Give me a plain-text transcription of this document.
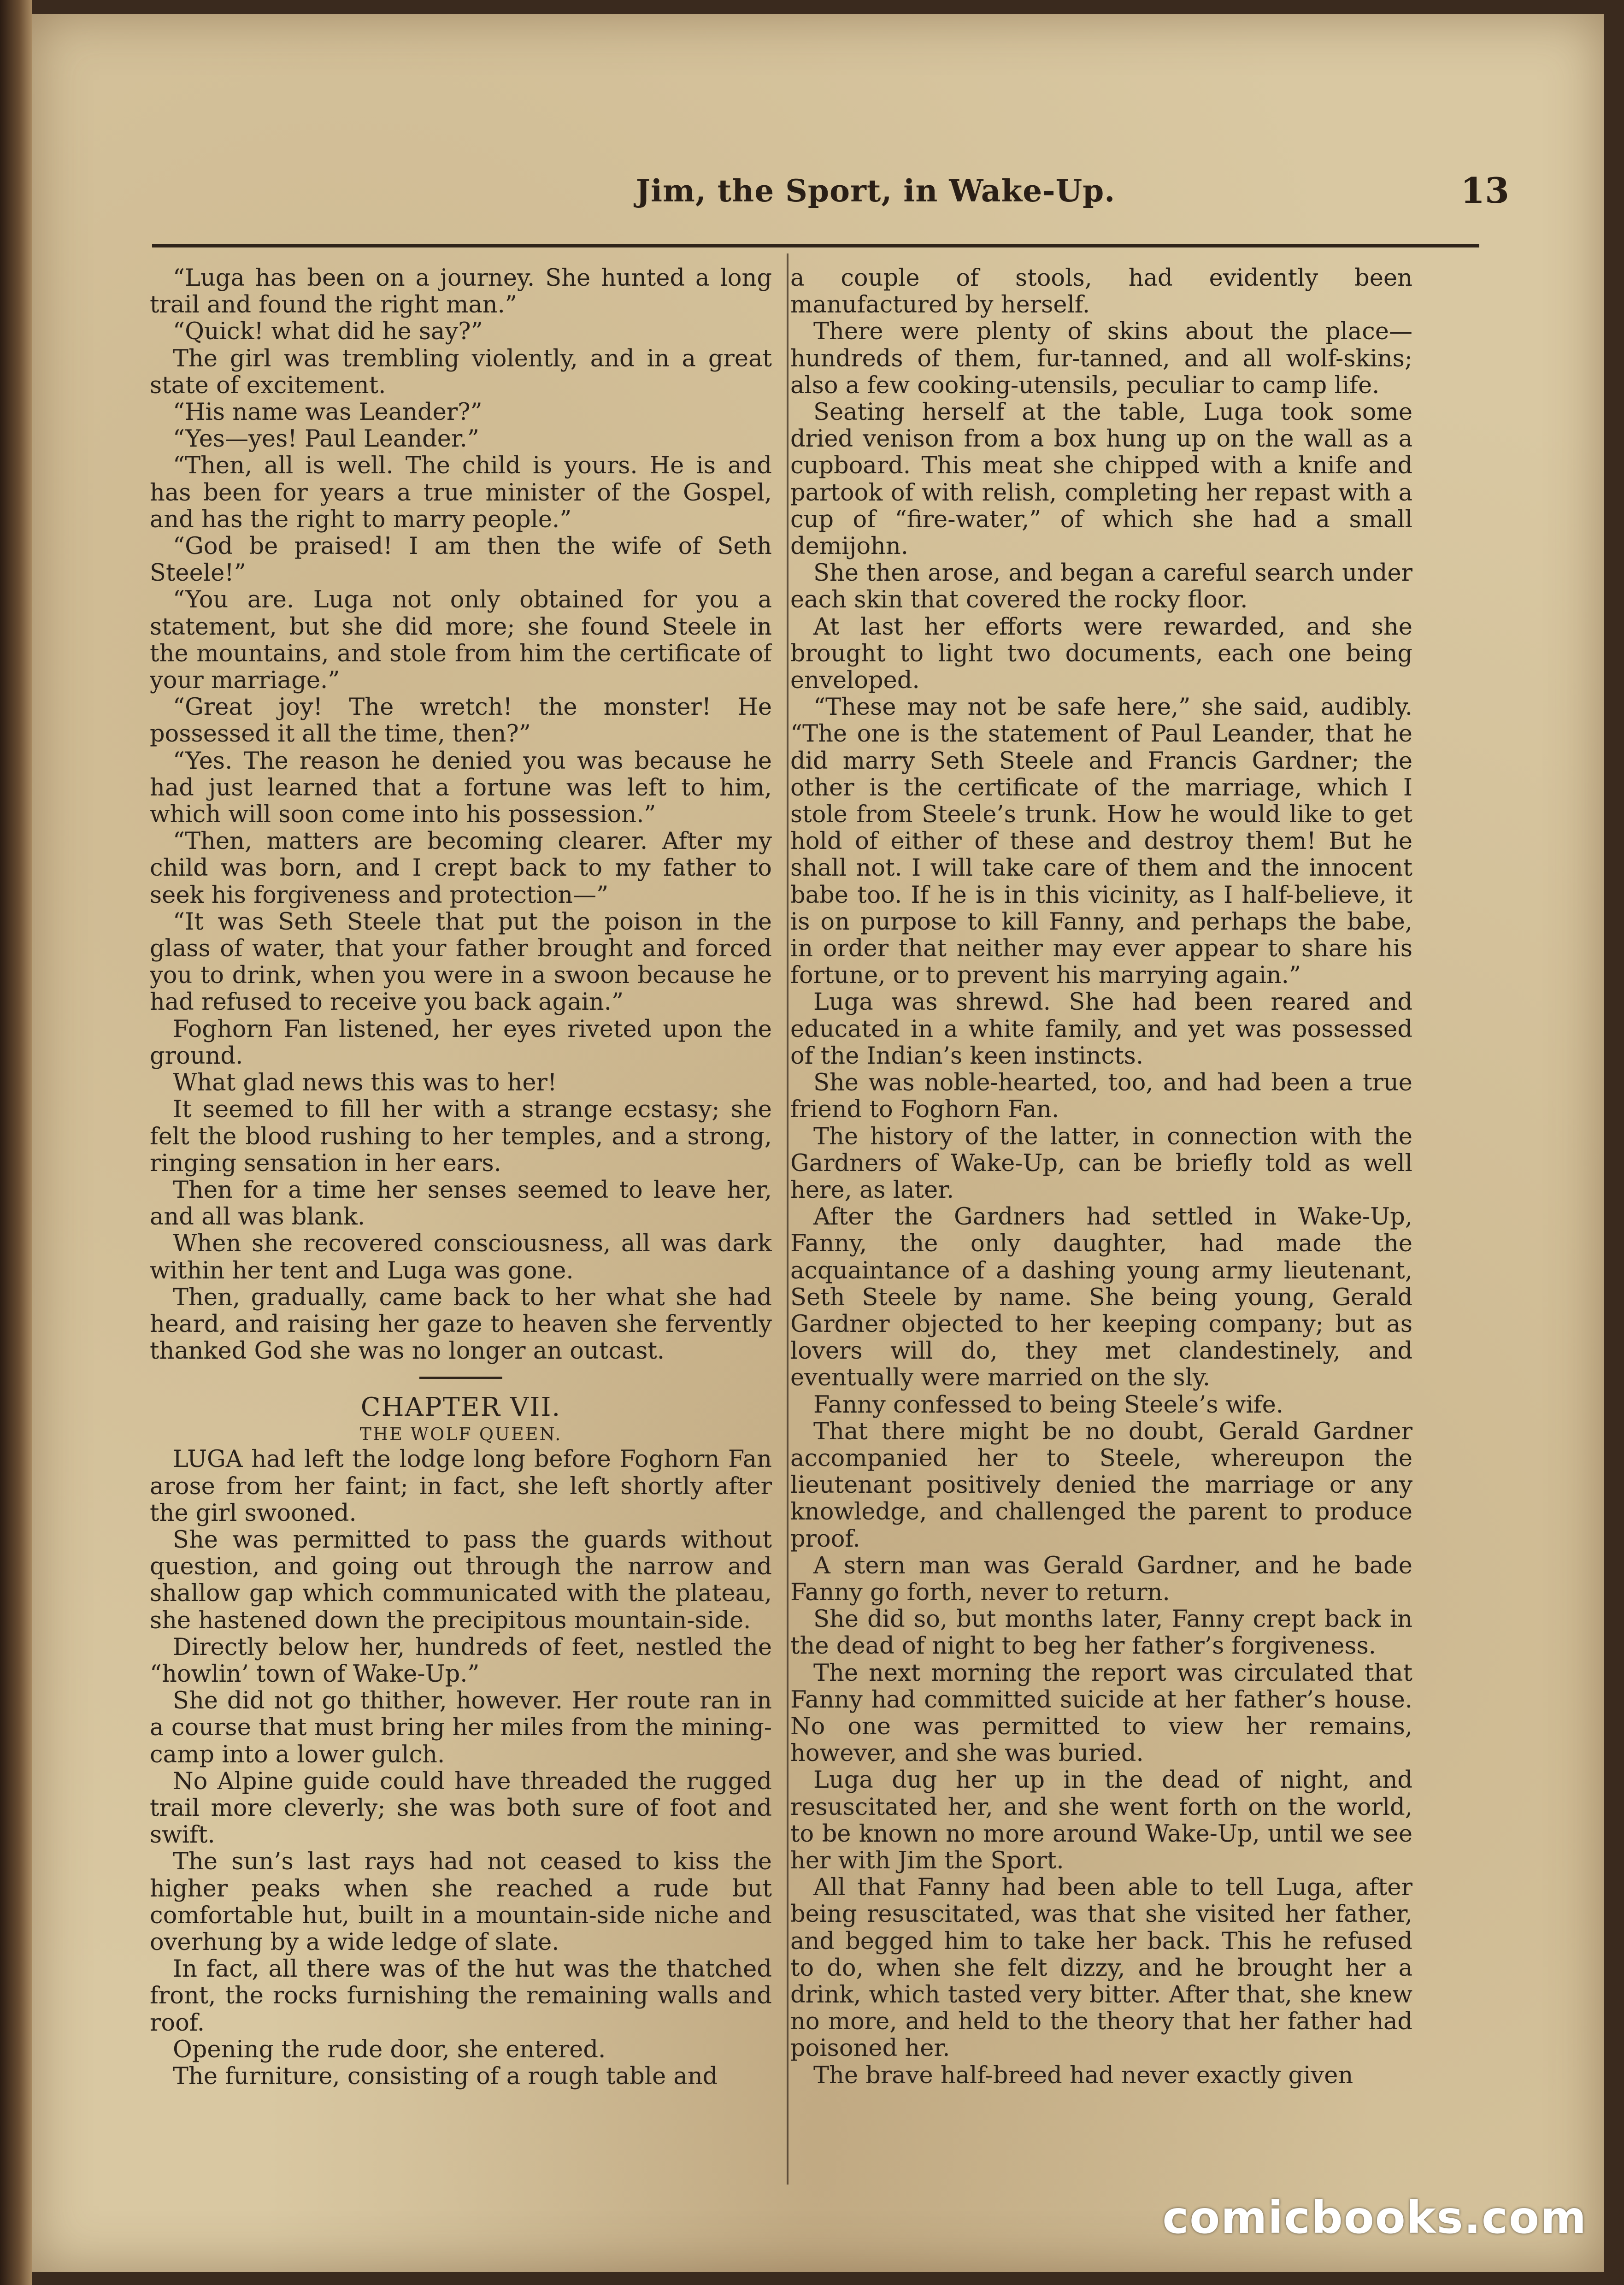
Jim, the Sport, in Wake-Up.	13

“Luga has been on a journey. She hunted a long trail and found the right man.”

“Quick! what did he say?”

The girl was trembling violently, and in a great state of excitement.

“His name was Leander?”

“Yes—yes! Paul Leander.”

“Then, all is well. The child is yours. He is and has been for years a true minister of the Gospel, and has the right to marry people.”

“God be praised! I am then the wife of Seth Steele!”

“You are. Luga not only obtained for you a statement, but she did more; she found Steele in the mountains, and stole from him the certificate of your marriage.”

“Great joy! The wretch! the monster! He possessed it all the time, then?”

“Yes. The reason he denied you was because he had just learned that a fortune was left to him, which will soon come into his possession.”

“Then, matters are becoming clearer. After my child was born, and I crept back to my father to seek his forgiveness and protection—”

“It was Seth Steele that put the poison in the glass of water, that your father brought and forced you to drink, when you were in a swoon because he had refused to receive you back again.”

Foghorn Fan listened, her eyes riveted upon the ground.

What glad news this was to her!

It seemed to fill her with a strange ecstasy; she felt the blood rushing to her temples, and a strong, ringing sensation in her ears.

Then for a time her senses seemed to leave her, and all was blank.

When she recovered consciousness, all was dark within her tent and Luga was gone.

Then, gradually, came back to her what she had heard, and raising her gaze to heaven she fervently thanked God she was no longer an outcast.

CHAPTER VII.
THE WOLF QUEEN.

LUGA had left the lodge long before Foghorn Fan arose from her faint; in fact, she left shortly after the girl swooned.

She was permitted to pass the guards without question, and going out through the narrow and shallow gap which communicated with the plateau, she hastened down the precipitous mountain-side.

Directly below her, hundreds of feet, nestled the “howlin’ town of Wake-Up.”

She did not go thither, however. Her route ran in a course that must bring her miles from the mining-camp into a lower gulch.

No Alpine guide could have threaded the rugged trail more cleverly; she was both sure of foot and swift.

The sun’s last rays had not ceased to kiss the higher peaks when she reached a rude but comfortable hut, built in a mountain-side niche and overhung by a wide ledge of slate.

In fact, all there was of the hut was the thatched front, the rocks furnishing the remaining walls and roof.

Opening the rude door, she entered.

The furniture, consisting of a rough table and

a couple of stools, had evidently been manufactured by herself.

There were plenty of skins about the place—hundreds of them, fur-tanned, and all wolf-skins; also a few cooking-utensils, peculiar to camp life.

Seating herself at the table, Luga took some dried venison from a box hung up on the wall as a cupboard. This meat she chipped with a knife and partook of with relish, completing her repast with a cup of “fire-water,” of which she had a small demijohn.

She then arose, and began a careful search under each skin that covered the rocky floor.

At last her efforts were rewarded, and she brought to light two documents, each one being enveloped.

“These may not be safe here,” she said, audibly. “The one is the statement of Paul Leander, that he did marry Seth Steele and Francis Gardner; the other is the certificate of the marriage, which I stole from Steele’s trunk. How he would like to get hold of either of these and destroy them! But he shall not. I will take care of them and the innocent babe too. If he is in this vicinity, as I half-believe, it is on purpose to kill Fanny, and perhaps the babe, in order that neither may ever appear to share his fortune, or to prevent his marrying again.”

Luga was shrewd. She had been reared and educated in a white family, and yet was possessed of the Indian’s keen instincts.

She was noble-hearted, too, and had been a true friend to Foghorn Fan.

The history of the latter, in connection with the Gardners of Wake-Up, can be briefly told as well here, as later.

After the Gardners had settled in Wake-Up, Fanny, the only daughter, had made the acquaintance of a dashing young army lieutenant, Seth Steele by name. She being young, Gerald Gardner objected to her keeping company; but as lovers will do, they met clandestinely, and eventually were married on the sly.

Fanny confessed to being Steele’s wife.

That there might be no doubt, Gerald Gardner accompanied her to Steele, whereupon the lieutenant positively denied the marriage or any knowledge, and challenged the parent to produce proof.

A stern man was Gerald Gardner, and he bade Fanny go forth, never to return.

She did so, but months later, Fanny crept back in the dead of night to beg her father’s forgiveness.

The next morning the report was circulated that Fanny had committed suicide at her father’s house. No one was permitted to view her remains, however, and she was buried.

Luga dug her up in the dead of night, and resuscitated her, and she went forth on the world, to be known no more around Wake-Up, until we see her with Jim the Sport.

All that Fanny had been able to tell Luga, after being resuscitated, was that she visited her father, and begged him to take her back. This he refused to do, when she felt dizzy, and he brought her a drink, which tasted very bitter. After that, she knew no more, and held to the theory that her father had poisoned her.

The brave half-breed had never exactly given

comicbooks.com
